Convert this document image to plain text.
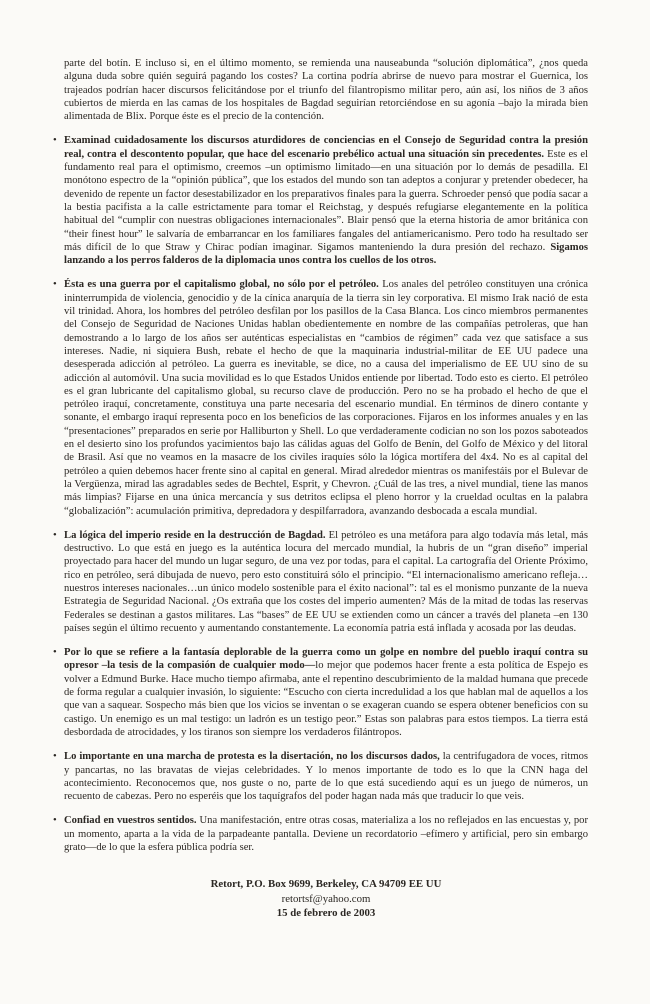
parte del botín. E incluso si, en el último momento, se remienda una nauseabunda “solución diplomática”, ¿nos queda alguna duda sobre quién seguirá pagando los costes? La cortina podría abrirse de nuevo para mostrar el Guernica, los trajeados podrían hacer discursos felicitándose por el triunfo del filantropismo militar pero, aún así, los niños de 3 años cubiertos de mierda en las camas de los hospitales de Bagdad seguirían retorciéndose en su agonía –bajo la mirada bien alimentada de Blix. Porque éste es el precio de la contención.

• Examinad cuidadosamente los discursos aturdidores de conciencias en el Consejo de Seguridad contra la presión real, contra el descontento popular, que hace del escenario prebélico actual una situación sin precedentes. Este es el fundamento real para el optimismo, creemos –un optimismo limitado—en una situación por lo demás de pesadilla. El monótono espectro de la “opinión pública”, que los estados del mundo son tan adeptos a conjurar y pretender obedecer, ha devenido de repente un factor desestabilizador en los preparativos finales para la guerra. Schroeder pensó que podía sacar a la bestia pacifista a la calle estrictamente para tomar el Reichstag, y después refugiarse elegantemente en la política habitual del “cumplir con nuestras obligaciones internacionales”. Blair pensó que la eterna historia de amor británica con “their finest hour” le salvaría de embarrancar en los familiares fangales del antiamericanismo. Pero todo ha resultado ser más difícil de lo que Straw y Chirac podían imaginar. Sigamos manteniendo la dura presión del rechazo. Sigamos lanzando a los perros falderos de la diplomacia unos contra los cuellos de los otros.

• Ésta es una guerra por el capitalismo global, no sólo por el petróleo. Los anales del petróleo constituyen una crónica ininterrumpida de violencia, genocidio y de la cínica anarquía de la tierra sin ley corporativa. El mismo Irak nació de esta vil trinidad. Ahora, los hombres del petróleo desfilan por los pasillos de la Casa Blanca. Los cinco miembros permanentes del Consejo de Seguridad de Naciones Unidas hablan obedientemente en nombre de las compañías petroleras, que han demostrando a lo largo de los años ser auténticas especialistas en “cambios de régimen” cada vez que satisface a sus intereses. Nadie, ni siquiera Bush, rebate el hecho de que la maquinaria industrial-militar de EE UU padece una desesperada adicción al petróleo. La guerra es inevitable, se dice, no a causa del imperialismo de EE UU sino de su adicción al automóvil. Una sucia movilidad es lo que Estados Unidos entiende por libertad. Todo esto es cierto. El petróleo es el gran lubricante del capitalismo global, su recurso clave de producción. Pero no se ha probado el hecho de que el petróleo iraquí, concretamente, constituya una parte necesaria del escenario mundial. En términos de dinero contante y sonante, el embargo iraquí representa poco en los beneficios de las corporaciones. Fijaros en los informes anuales y en las “presentaciones” preparados en serie por Halliburton y Shell. Lo que verdaderamente codician no son los pozos saboteados en el desierto sino los profundos yacimientos bajo las cálidas aguas del Golfo de Benín, del Golfo de México y del litoral de Brasil. Así que no veamos en la masacre de los civiles iraquíes sólo la lógica mortífera del 4x4. No es al capital del petróleo a quien debemos hacer frente sino al capital en general. Mirad alrededor mientras os manifestáis por el Bulevar de la Vergüenza, mirad las agradables sedes de Bechtel, Esprit, y Chevron. ¿Cuál de las tres, a nivel mundial, tiene las manos más limpias? Fijarse en una única mercancía y sus detritos eclipsa el pleno horror y la crueldad ocultas en la palabra “globalización”: acumulación primitiva, depredadora y despilfarradora, avanzando desbocada a escala mundial.

• La lógica del imperio reside en la destrucción de Bagdad. El petróleo es una metáfora para algo todavía más letal, más destructivo. Lo que está en juego es la auténtica locura del mercado mundial, la hubris de un “gran diseño” imperial proyectado para hacer del mundo un lugar seguro, de una vez por todas, para el capital. La cartografía del Oriente Próximo, rico en petróleo, será dibujada de nuevo, pero esto constituirá sólo el principio. “El internacionalismo americano refleja… nuestros intereses nacionales…un único modelo sostenible para el éxito nacional”: tal es el monismo punzante de la nueva Estrategia de Seguridad Nacional. ¿Os extraña que los costes del imperio aumenten? Más de la mitad de todas las reservas Federales se destinan a gastos militares. Las “bases” de EE UU se extienden como un cáncer a través del planeta –en 130 países según el último recuento y aumentando constantemente. La economía patria está inflada y acosada por las deudas.

• Por lo que se refiere a la fantasía deplorable de la guerra como un golpe en nombre del pueblo iraquí contra su opresor –la tesis de la compasión de cualquier modo—lo mejor que podemos hacer frente a esta política de Espejo es volver a Edmund Burke. Hace mucho tiempo afirmaba, ante el repentino descubrimiento de la maldad humana que precede de forma regular a cualquier invasión, lo siguiente: “Escucho con cierta incredulidad a los que hablan mal de aquellos a los que van a saquear. Sospecho más bien que los vicios se inventan o se exageran cuando se espera obtener beneficios con su castigo. Un enemigo es un mal testigo: un ladrón es un testigo peor.” Estas son palabras para estos tiempos. La tierra está desbordada de atrocidades, y los tiranos son siempre los verdaderos filántropos.

• Lo importante en una marcha de protesta es la disertación, no los discursos dados, la centrifugadora de voces, ritmos y pancartas, no las bravatas de viejas celebridades. Y lo menos importante de todo es lo que la CNN haga del acontecimiento. Reconocemos que, nos guste o no, parte de lo que está sucediendo aquí es un juego de números, un recuento de cabezas. Pero no esperéis que los taquígrafos del poder hagan nada más que traducir lo que veis.

• Confiad en vuestros sentidos. Una manifestación, entre otras cosas, materializa a los no reflejados en las encuestas y, por un momento, aparta a la vida de la parpadeante pantalla. Deviene un recordatorio –efímero y artificial, pero sin embargo grato—de lo que la esfera pública podría ser.

Retort, P.O. Box 9699, Berkeley, CA 94709 EE UU
retortsf@yahoo.com
15 de febrero de 2003
